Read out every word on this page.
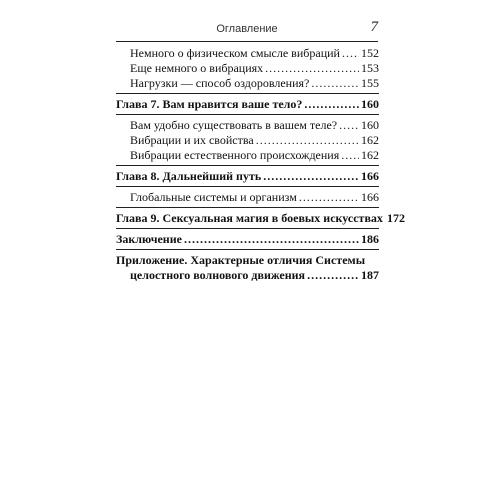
Оглавление	7
Немного о физическом смысле вибраций ..... 152
Еще немного о вибрациях .....	153
Нагрузки — способ оздоровления? .....	155
Глава 7. Вам нравится ваше тело? .....	160
Вам удобно существовать в вашем теле? ..... 160
Вибрации и их свойства .....	162
Вибрации естественного происхождения ..... 162
Глава 8. Дальнейший путь .....	166
Глобальные системы и организм .....	166
Глава 9. Сексуальная магия в боевых искусствах 172
Заключение .....	186
Приложение. Характерные отличия Системы
целостного волнового движения .....	187
